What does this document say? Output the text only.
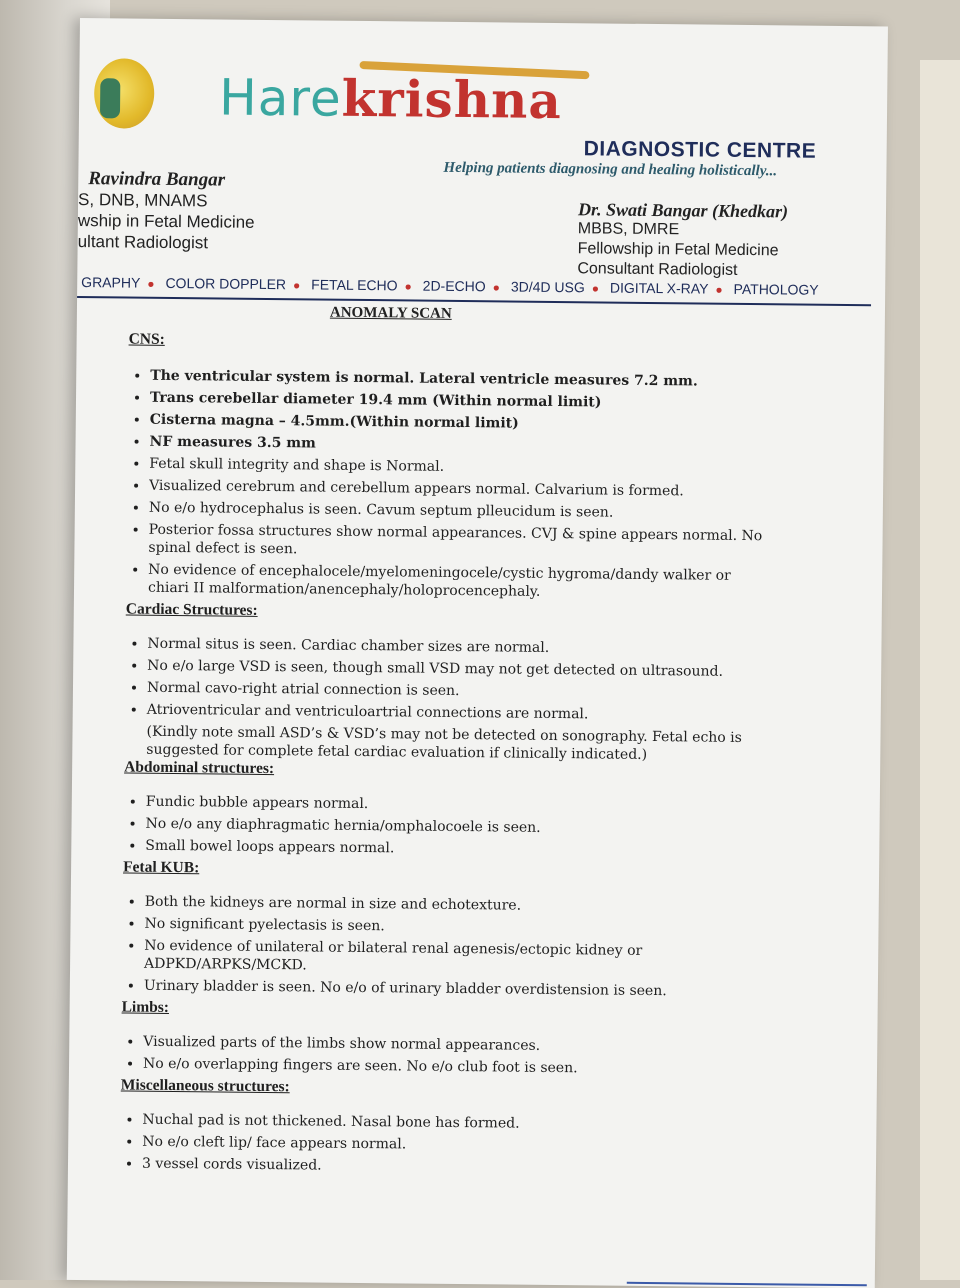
Harekrishna
DIAGNOSTIC CENTRE
Helping patients diagnosing and healing holistically...
Ravindra Bangar
S, DNB, MNAMS
wship in Fetal Medicine
ultant Radiologist
Dr. Swati Bangar (Khedkar)
MBBS, DMRE
Fellowship in Fetal Medicine
Consultant Radiologist
GRAPHY ● COLOR DOPPLER ● FETAL ECHO ● 2D-ECHO ● 3D/4D USG ● DIGITAL X-RAY ● PATHOLOGY
ANOMALY SCAN

CNS:

• The ventricular system is normal. Lateral ventricle measures 7.2 mm.
• Trans cerebellar diameter 19.4 mm (Within normal limit)
• Cisterna magna – 4.5mm.(Within normal limit)
• NF measures 3.5 mm
• Fetal skull integrity and shape is Normal.
• Visualized cerebrum and cerebellum appears normal. Calvarium is formed.
• No e/o hydrocephalus is seen. Cavum septum plleucidum is seen.
• Posterior fossa structures show normal appearances. CVJ & spine appears normal. No spinal defect is seen.
• No evidence of encephalocele/myelomeningocele/cystic hygroma/dandy walker or chiari II malformation/anencephaly/holoprocencephaly.

Cardiac Structures:

• Normal situs is seen. Cardiac chamber sizes are normal.
• No e/o large VSD is seen, though small VSD may not get detected on ultrasound.
• Normal cavo-right atrial connection is seen.
• Atrioventricular and ventriculoartrial connections are normal.

(Kindly note small ASD’s & VSD’s may not be detected on sonography. Fetal echo is suggested for complete fetal cardiac evaluation if clinically indicated.)

Abdominal structures:

• Fundic bubble appears normal.
• No e/o any diaphragmatic hernia/omphalocoele is seen.
• Small bowel loops appears normal.

Fetal KUB:

• Both the kidneys are normal in size and echotexture.
• No significant pyelectasis is seen.
• No evidence of unilateral or bilateral renal agenesis/ectopic kidney or ADPKD/ARPKS/MCKD.
• Urinary bladder is seen. No e/o of urinary bladder overdistension is seen.

Limbs:

• Visualized parts of the limbs show normal appearances.
• No e/o overlapping fingers are seen. No e/o club foot is seen.

Miscellaneous structures:

• Nuchal pad is not thickened. Nasal bone has formed.
• No e/o cleft lip/ face appears normal.
• 3 vessel cords visualized.
